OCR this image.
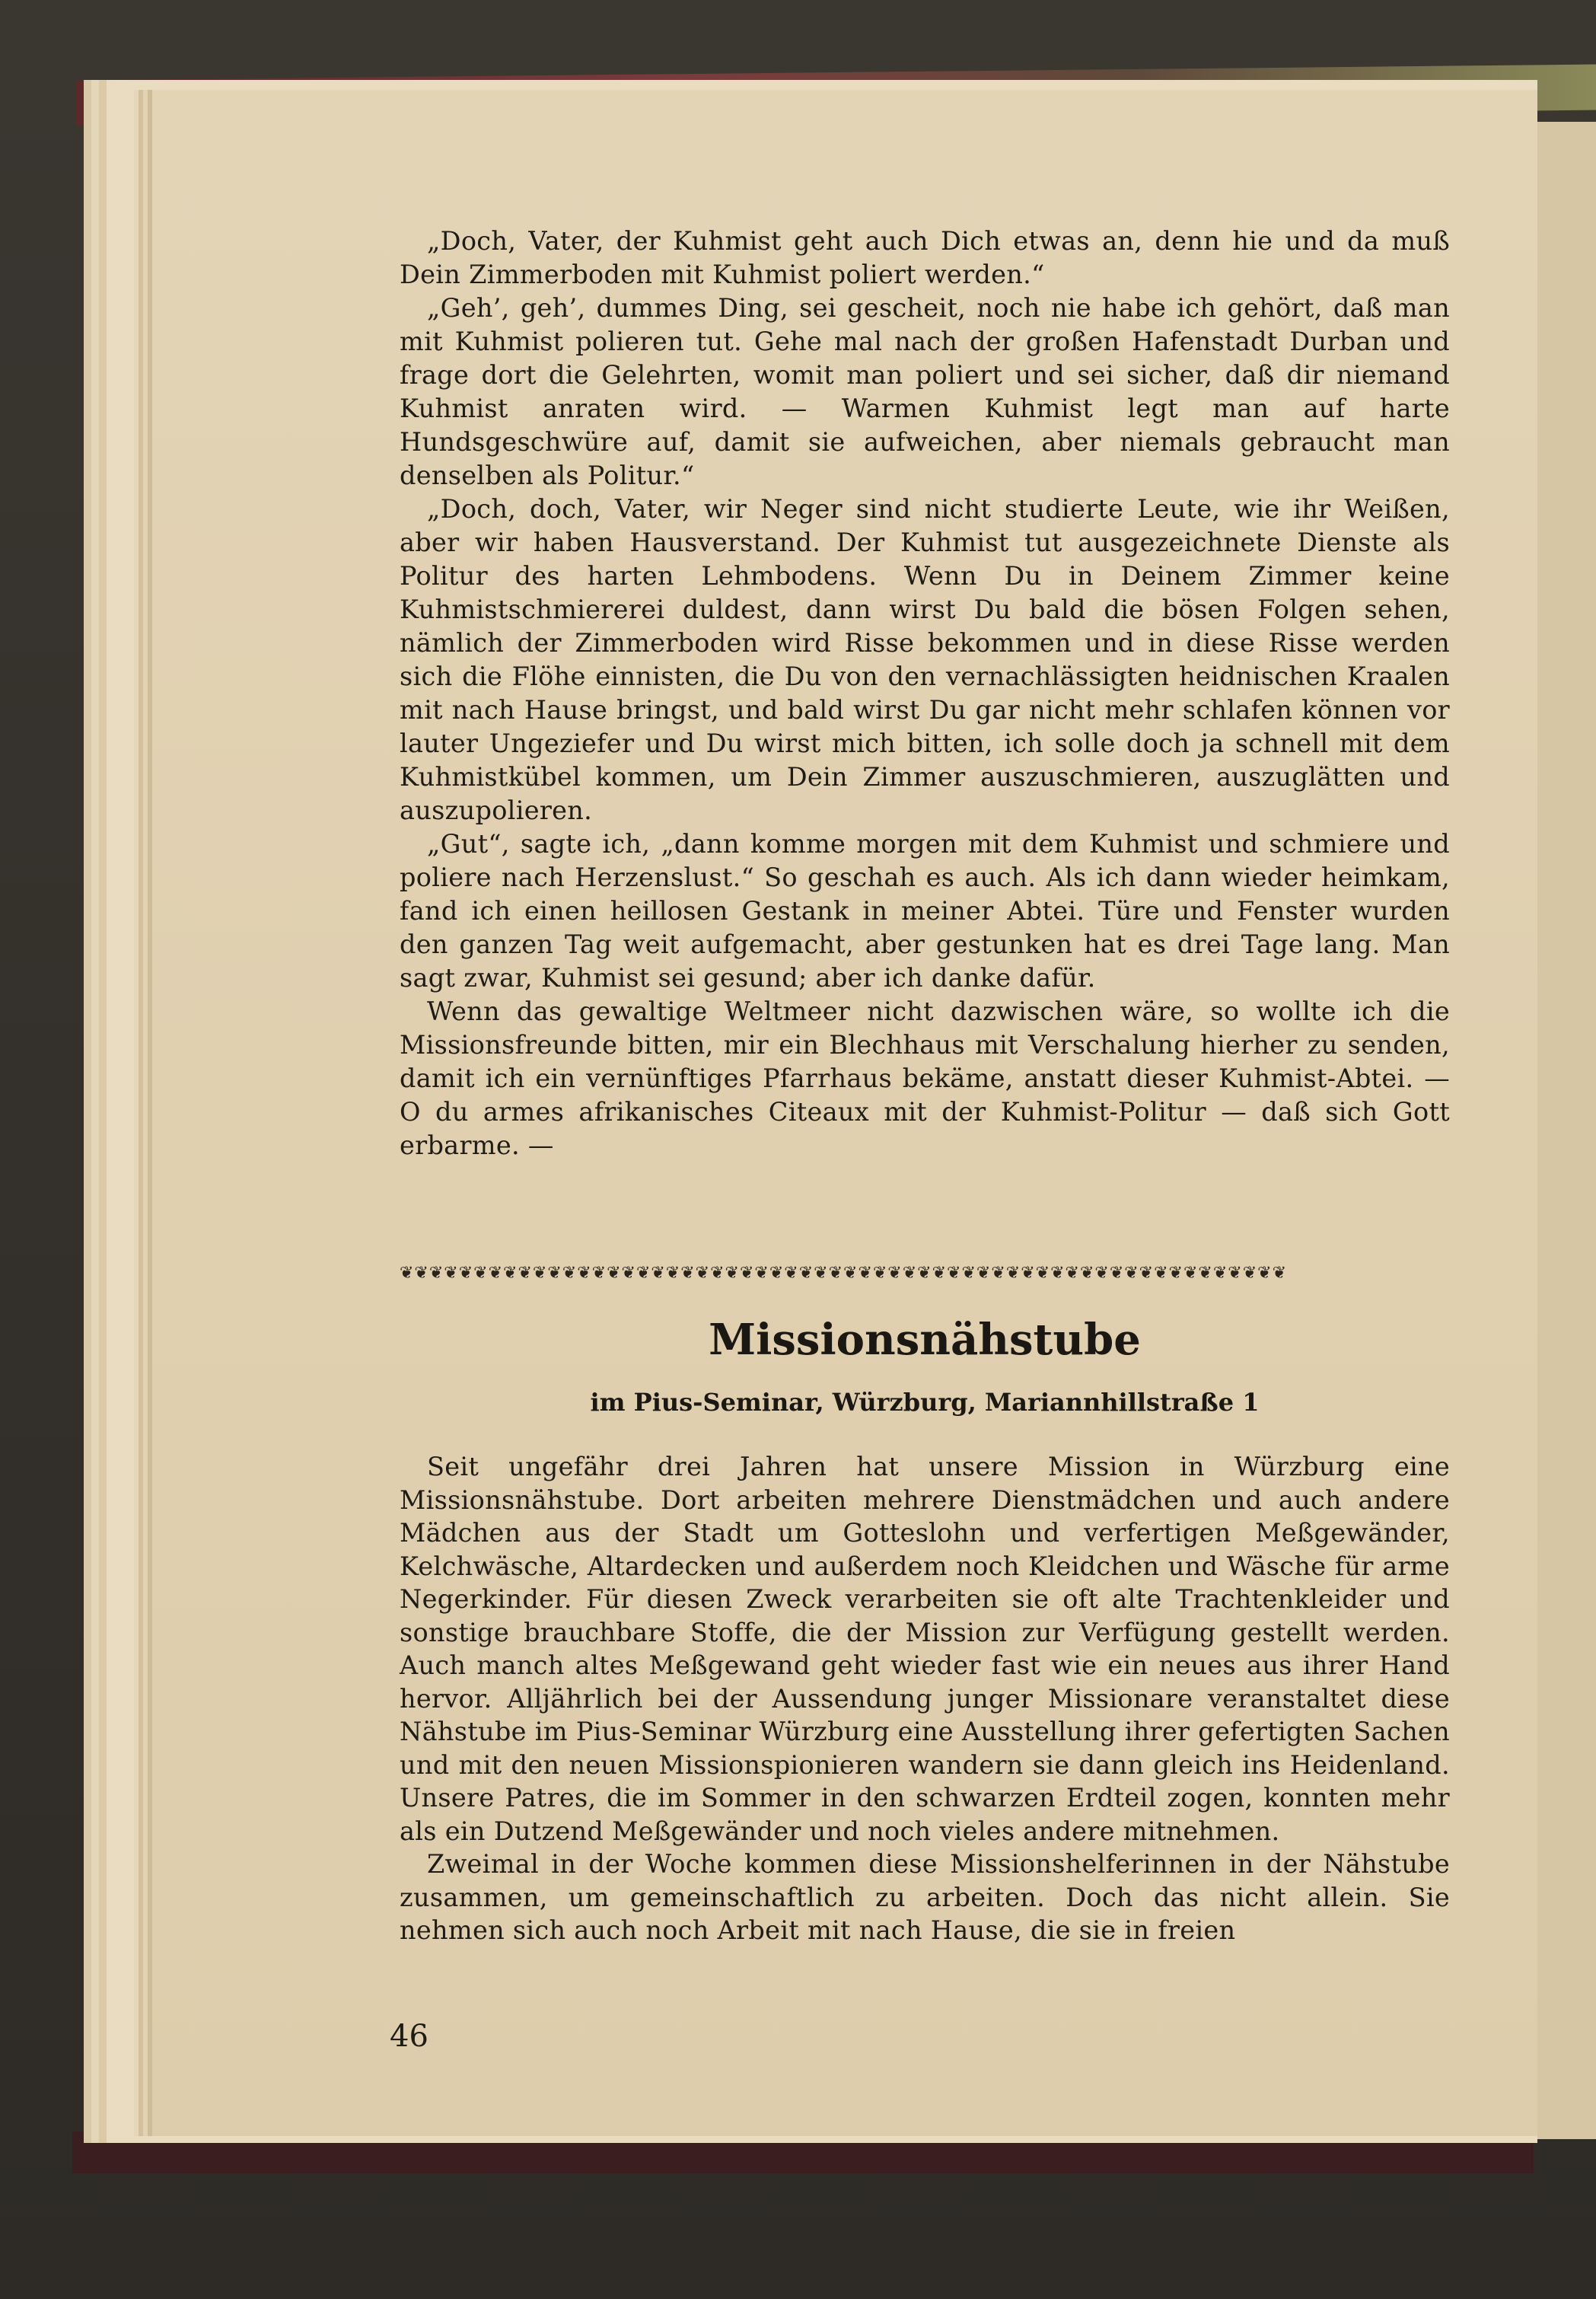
„Doch, Vater, der Kuhmist geht auch Dich etwas an, denn hie und da muß Dein Zimmerboden mit Kuhmist poliert werden.“

„Geh’, geh’, dummes Ding, sei gescheit, noch nie habe ich gehört, daß man mit Kuhmist polieren tut. Gehe mal nach der großen Hafenstadt Durban und frage dort die Gelehrten, womit man poliert und sei sicher, daß dir niemand Kuhmist anraten wird. — Warmen Kuhmist legt man auf harte Hundsgeschwüre auf, damit sie aufweichen, aber niemals gebraucht man denselben als Politur.“

„Doch, doch, Vater, wir Neger sind nicht studierte Leute, wie ihr Weißen, aber wir haben Hausverstand. Der Kuhmist tut ausgezeichnete Dienste als Politur des harten Lehmbodens. Wenn Du in Deinem Zimmer keine Kuhmistschmiererei duldest, dann wirst Du bald die bösen Folgen sehen, nämlich der Zimmerboden wird Risse bekommen und in diese Risse werden sich die Flöhe einnisten, die Du von den vernachlässigten heidnischen Kraalen mit nach Hause bringst, und bald wirst Du gar nicht mehr schlafen können vor lauter Ungeziefer und Du wirst mich bitten, ich solle doch ja schnell mit dem Kuhmistkübel kommen, um Dein Zimmer auszuschmieren, auszuglätten und auszupolieren.

„Gut“, sagte ich, „dann komme morgen mit dem Kuhmist und schmiere und poliere nach Herzenslust.“ So geschah es auch. Als ich dann wieder heimkam, fand ich einen heillosen Gestank in meiner Abtei. Türe und Fenster wurden den ganzen Tag weit aufgemacht, aber gestunken hat es drei Tage lang. Man sagt zwar, Kuhmist sei gesund; aber ich danke dafür.

Wenn das gewaltige Weltmeer nicht dazwischen wäre, so wollte ich die Missionsfreunde bitten, mir ein Blechhaus mit Verschalung hierher zu senden, damit ich ein vernünftiges Pfarrhaus bekäme, anstatt dieser Kuhmist-Abtei. — O du armes afrikanisches Citeaux mit der Kuhmist-Politur — daß sich Gott erbarme. —

❦❦❦❦❦❦❦❦❦❦❦❦❦❦❦❦❦❦❦❦❦❦❦❦❦❦❦❦❦❦❦❦❦❦❦❦❦❦❦❦❦❦❦❦❦❦❦❦❦❦❦❦❦❦❦❦❦❦❦❦
Missionsnähstube
im Pius-Seminar, Würzburg, Mariannhillstraße 1

Seit ungefähr drei Jahren hat unsere Mission in Würzburg eine Missionsnähstube. Dort arbeiten mehrere Dienstmädchen und auch andere Mädchen aus der Stadt um Gotteslohn und verfertigen Meßgewänder, Kelchwäsche, Altardecken und außerdem noch Kleidchen und Wäsche für arme Negerkinder. Für diesen Zweck verarbeiten sie oft alte Trachtenkleider und sonstige brauchbare Stoffe, die der Mission zur Verfügung gestellt werden. Auch manch altes Meßgewand geht wieder fast wie ein neues aus ihrer Hand hervor. Alljährlich bei der Aussendung junger Missionare veranstaltet diese Nähstube im Pius-Seminar Würzburg eine Ausstellung ihrer gefertigten Sachen und mit den neuen Missionspionieren wandern sie dann gleich ins Heidenland. Unsere Patres, die im Sommer in den schwarzen Erdteil zogen, konnten mehr als ein Dutzend Meßgewänder und noch vieles andere mitnehmen.

Zweimal in der Woche kommen diese Missionshelferinnen in der Nähstube zusammen, um gemeinschaftlich zu arbeiten. Doch das nicht allein. Sie nehmen sich auch noch Arbeit mit nach Hause, die sie in freien

46
